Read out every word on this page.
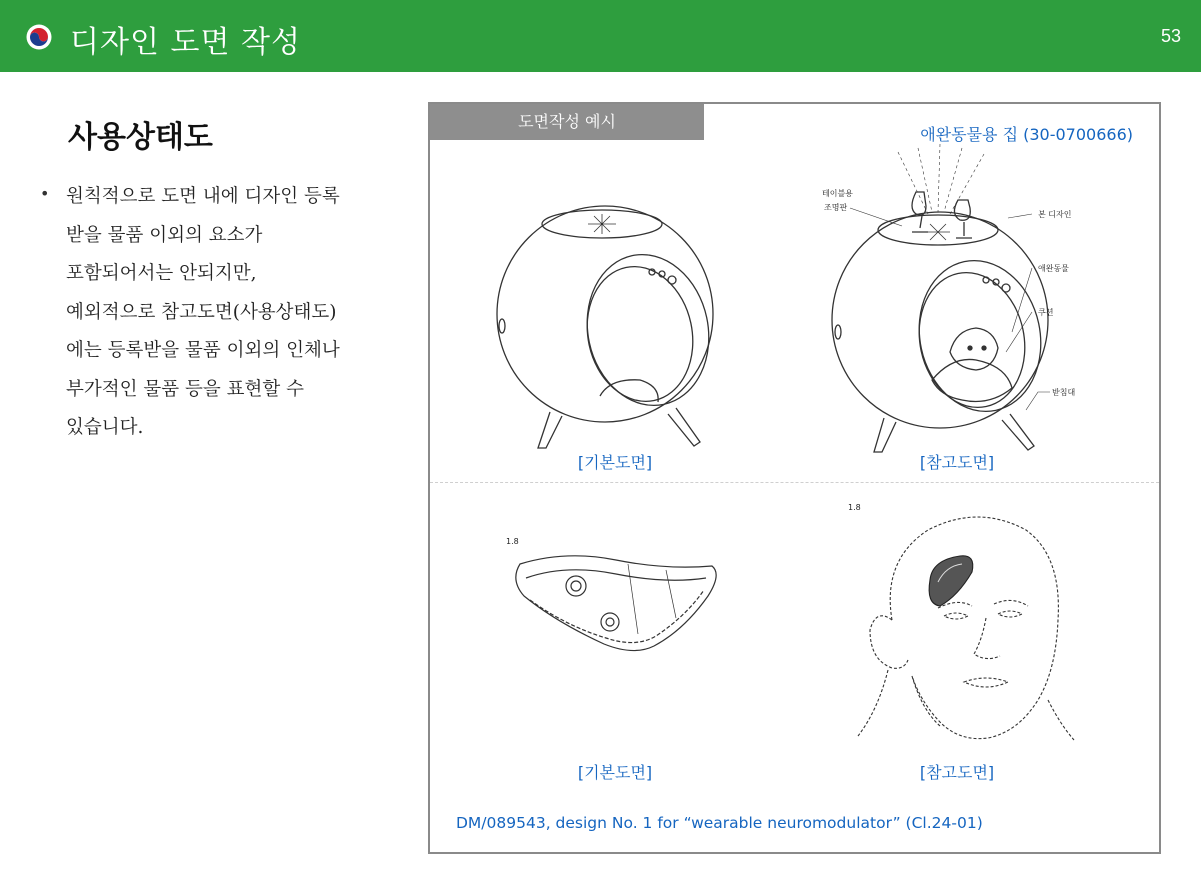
디자인 도면 작성	53
사용상태도
• 원칙적으로 도면 내에 디자인 등록
받을 물품 이외의 요소가
포함되어서는 안되지만,
예외적으로 참고도면(사용상태도)
에는 등록받을 물품 이외의 인체나
부가적인 물품 등을 표현할 수
있습니다.
도면작성 예시
애완동물용 집 (30-0700666)
테이블용
조명판
본 디자인
애완동물
쿠션
받침대
[기본도면]	[참고도면]
1.8
1.8
[기본도면]	[참고도면]
DM/089543, design No. 1 for “wearable neuromodulator” (Cl.24-01)
